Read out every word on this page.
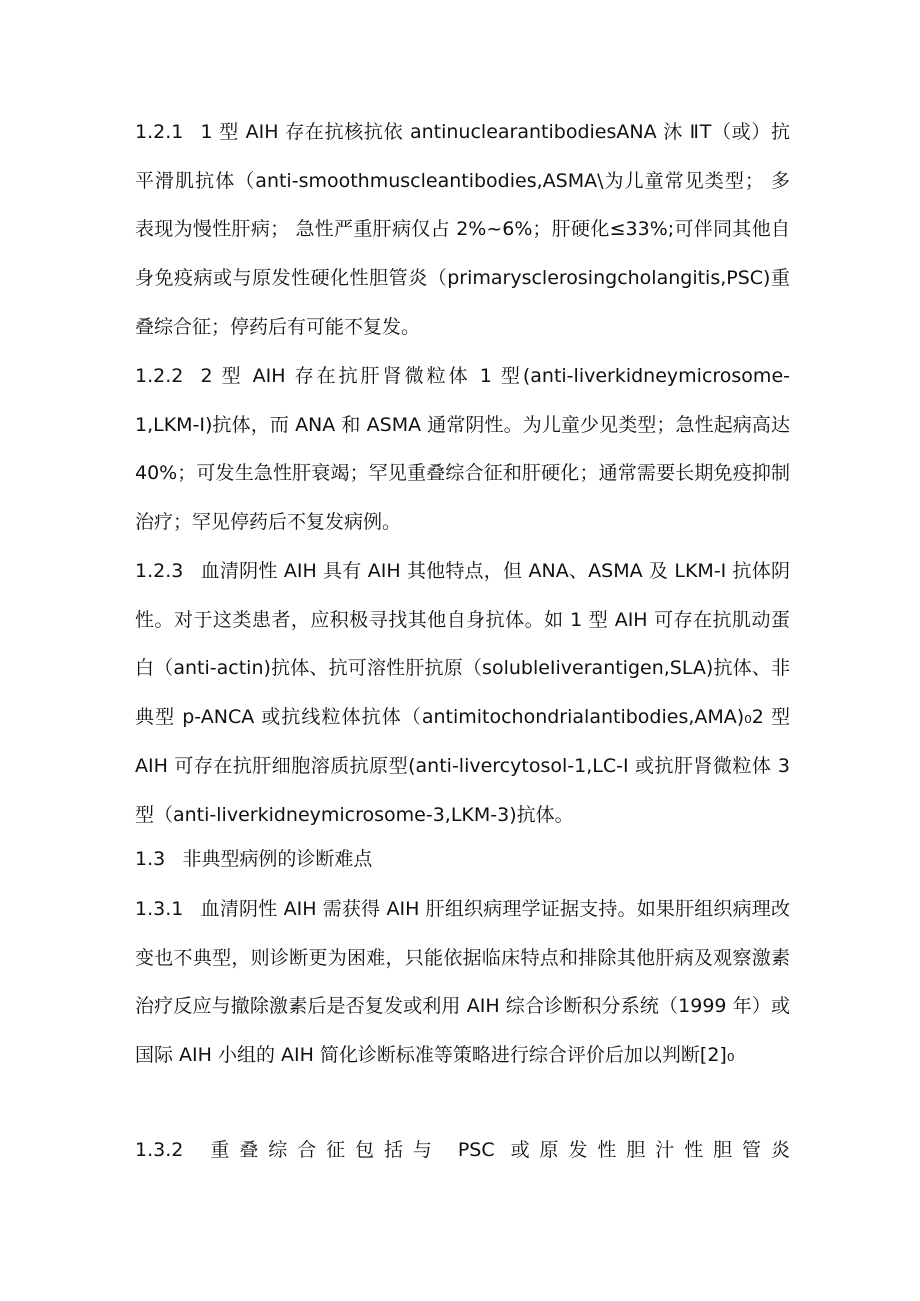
1.2.1 1 型 AIH 存在抗核抗依 antinuclearantibodiesANA 沐 ⅡT（或）抗平滑肌抗体（anti-smoothmuscleantibodies,ASMA\为儿童常见类型； 多表现为慢性肝病； 急性严重肝病仅占 2%~6%；肝硬化≤33%;可伴同其他自身免疫病或与原发性硬化性胆管炎（primarysclerosingcholangitis,PSC)重叠综合征；停药后有可能不复发。

1.2.2 2 型 AIH 存在抗肝肾微粒体 1 型(anti-liverkidneymicrosome-1,LKM-I)抗体，而 ANA 和 ASMA 通常阴性。为儿童少见类型；急性起病高达 40%；可发生急性肝衰竭；罕见重叠综合征和肝硬化；通常需要长期免疫抑制治疗；罕见停药后不复发病例。

1.2.3 血清阴性 AIH 具有 AIH 其他特点，但 ANA、ASMA 及 LKM-I 抗体阴性。对于这类患者，应积极寻找其他自身抗体。如 1 型 AIH 可存在抗肌动蛋白（anti-actin)抗体、抗可溶性肝抗原（solubleIiverantigen,SLA)抗体、非典型 p-ANCA 或抗线粒体抗体（antimitochondrialantibodies,AMA)₀2 型 AIH 可存在抗肝细胞溶质抗原型(anti-livercytosol-1,LC-I 或抗肝肾微粒体 3 型（anti-liverkidneymicrosome-3,LKM-3)抗体。

1.3 非典型病例的诊断难点

1.3.1 血清阴性 AIH 需获得 AIH 肝组织病理学证据支持。如果肝组织病理改变也不典型，则诊断更为困难，只能依据临床特点和排除其他肝病及观察激素治疗反应与撤除激素后是否复发或利用 AIH 综合诊断积分系统（1999 年）或国际 AIH 小组的 AIH 简化诊断标准等策略进行综合评价后加以判断[2]₀

1.3.2 重叠综合征包括与 PSC 或原发性胆汁性胆管炎
